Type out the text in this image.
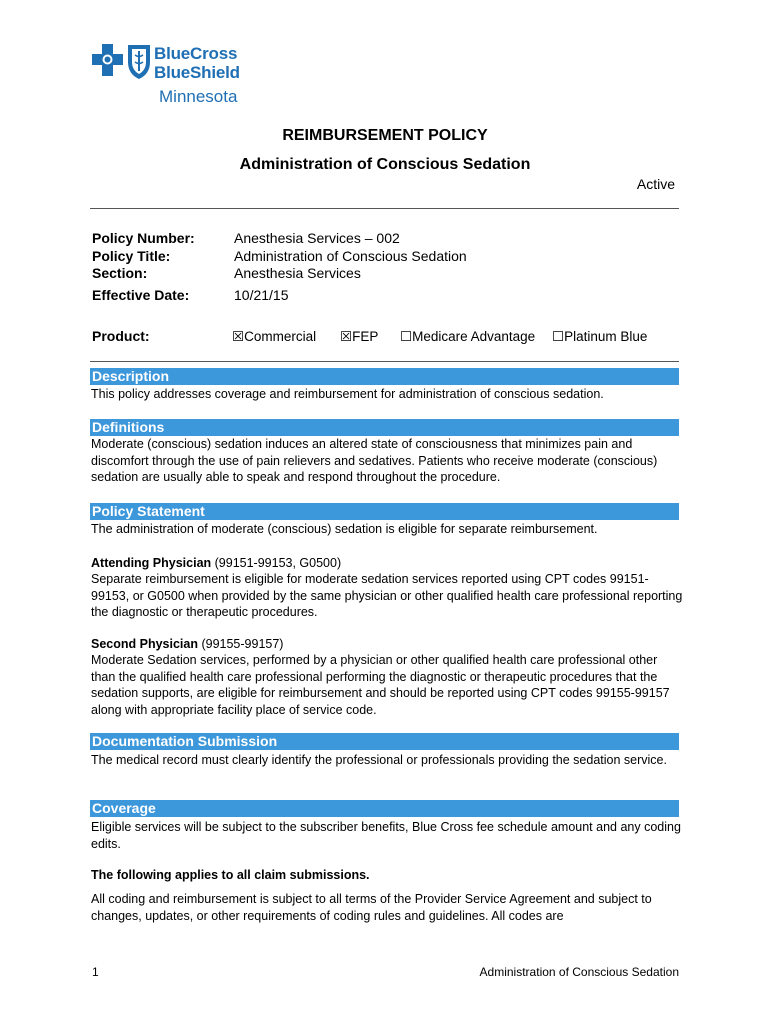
BlueCross
BlueShield
Minnesota
REIMBURSEMENT POLICY
Administration of Conscious Sedation
Active
Policy Number:	Anesthesia Services – 002
Policy Title:	Administration of Conscious Sedation
Section:	Anesthesia Services
Effective Date:	10/21/15
Product:	☒Commercial ☒FEP ☐Medicare Advantage ☐Platinum Blue
Description
This policy addresses coverage and reimbursement for administration of conscious sedation.
Definitions
Moderate (conscious) sedation induces an altered state of consciousness that minimizes pain and discomfort through the use of pain relievers and sedatives. Patients who receive moderate (conscious) sedation are usually able to speak and respond throughout the procedure.
Policy Statement
The administration of moderate (conscious) sedation is eligible for separate reimbursement.
Attending Physician (99151-99153, G0500)
Separate reimbursement is eligible for moderate sedation services reported using CPT codes 99151-99153, or G0500 when provided by the same physician or other qualified health care professional reporting the diagnostic or therapeutic procedures.
Second Physician (99155-99157)
Moderate Sedation services, performed by a physician or other qualified health care professional other than the qualified health care professional performing the diagnostic or therapeutic procedures that the sedation supports, are eligible for reimbursement and should be reported using CPT codes 99155-99157 along with appropriate facility place of service code.
Documentation Submission
The medical record must clearly identify the professional or professionals providing the sedation service.
Coverage
Eligible services will be subject to the subscriber benefits, Blue Cross fee schedule amount and any coding edits.
The following applies to all claim submissions.
All coding and reimbursement is subject to all terms of the Provider Service Agreement and subject to changes, updates, or other requirements of coding rules and guidelines. All codes are
1	Administration of Conscious Sedation
